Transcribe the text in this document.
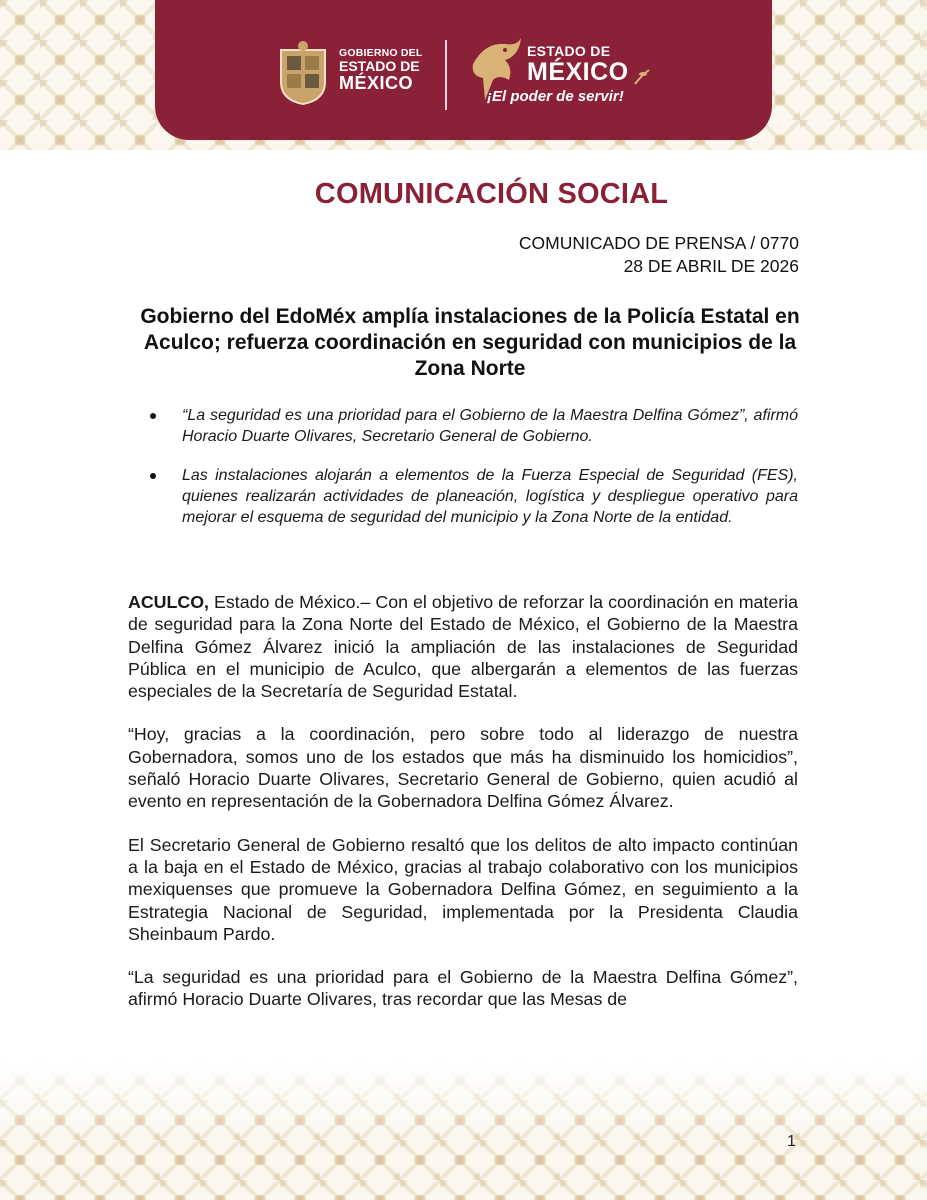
GOBIERNO DEL
ESTADO DE
MÉXICO
ESTADO DE
MÉXICO
¡El poder de servir!
COMUNICACIÓN SOCIAL
COMUNICADO DE PRENSA / 0770
28 DE ABRIL DE 2026
Gobierno del EdoMéx amplía instalaciones de la Policía Estatal en Aculco; refuerza coordinación en seguridad con municipios de la Zona Norte
“La seguridad es una prioridad para el Gobierno de la Maestra Delfina Gómez”, afirmó Horacio Duarte Olivares, Secretario General de Gobierno.
Las instalaciones alojarán a elementos de la Fuerza Especial de Seguridad (FES), quienes realizarán actividades de planeación, logística y despliegue operativo para mejorar el esquema de seguridad del municipio y la Zona Norte de la entidad.

ACULCO, Estado de México.– Con el objetivo de reforzar la coordinación en materia de seguridad para la Zona Norte del Estado de México, el Gobierno de la Maestra Delfina Gómez Álvarez inició la ampliación de las instalaciones de Seguridad Pública en el municipio de Aculco, que albergarán a elementos de las fuerzas especiales de la Secretaría de Seguridad Estatal.

“Hoy, gracias a la coordinación, pero sobre todo al liderazgo de nuestra Gobernadora, somos uno de los estados que más ha disminuido los homicidios”, señaló Horacio Duarte Olivares, Secretario General de Gobierno, quien acudió al evento en representación de la Gobernadora Delfina Gómez Álvarez.

El Secretario General de Gobierno resaltó que los delitos de alto impacto continúan a la baja en el Estado de México, gracias al trabajo colaborativo con los municipios mexiquenses que promueve la Gobernadora Delfina Gómez, en seguimiento a la Estrategia Nacional de Seguridad, implementada por la Presidenta Claudia Sheinbaum Pardo.

“La seguridad es una prioridad para el Gobierno de la Maestra Delfina Gómez”, afirmó Horacio Duarte Olivares, tras recordar que las Mesas de

1
